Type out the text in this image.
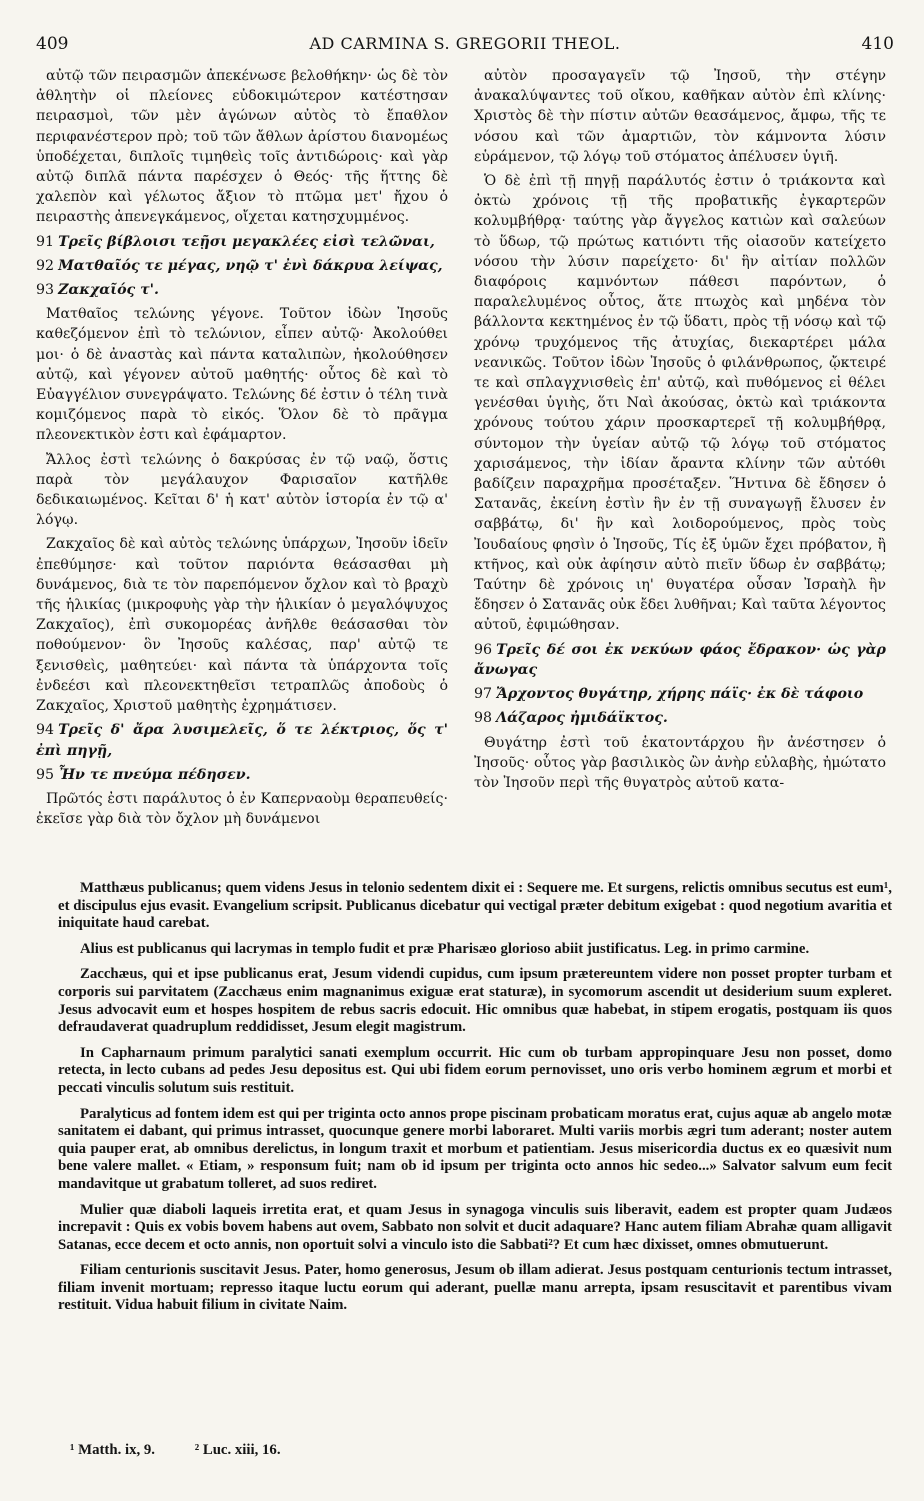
409	AD CARMINA S. GREGORII THEOL.	410

αὐτῷ τῶν πειρασμῶν ἀπεκένωσε βελοθήκην· ὡς δὲ τὸν ἀθλητὴν οἱ πλείονες εὐδοκιμώτερον κατέστησαν πειρασμοὶ, τῶν μὲν ἀγώνων αὐτὸς τὸ ἔπαθλον περιφανέστερον πρὸ; τοῦ τῶν ἄθλων ἀρίστου διανομέως ὑποδέχεται, διπλοῖς τιμηθεὶς τοῖς ἀντιδώροις· καὶ γὰρ αὐτῷ διπλᾶ πάντα παρέσχεν ὁ Θεός· τῆς ἥττης δὲ χαλεπὸν καὶ γέλωτος ἄξιον τὸ πτῶμα μετ' ἤχου ὁ πειραστὴς ἀπενεγκάμενος, οἴχεται κατησχυμμένος.

91 Τρεῖς βίβλοισι τεῇσι μεγακλέες εἰσὶ τελῶναι,

92 Ματθαῖός τε μέγας, νηῷ τ' ἐνὶ δάκρυα λείψας,

93 Ζακχαῖός τ'.

Ματθαῖος τελώνης γέγονε. Τοῦτον ἰδὼν Ἰησοῦς καθεζόμενον ἐπὶ τὸ τελώνιον, εἶπεν αὐτῷ· Ἀκολούθει μοι· ὁ δὲ ἀναστὰς καὶ πάντα καταλιπὼν, ἠκολούθησεν αὐτῷ, καὶ γέγονεν αὐτοῦ μαθητής· οὗτος δὲ καὶ τὸ Εὐαγγέλιον συνεγράψατο. Τελώνης δέ ἐστιν ὁ τέλη τινὰ κομιζόμενος παρὰ τὸ εἰκός. Ὅλον δὲ τὸ πρᾶγμα πλεονεκτικὸν ἐστι καὶ ἐφάμαρτον.

Ἄλλος ἐστὶ τελώνης ὁ δακρύσας ἐν τῷ ναῷ, ὅστις παρὰ τὸν μεγάλαυχον Φαρισαῖον κατῆλθε δεδικαιωμένος. Κεῖται δ' ἡ κατ' αὐτὸν ἱστορία ἐν τῷ α' λόγῳ.

Ζακχαῖος δὲ καὶ αὐτὸς τελώνης ὑπάρχων, Ἰησοῦν ἰδεῖν ἐπεθύμησε· καὶ τοῦτον παριόντα θεάσασθαι μὴ δυνάμενος, διὰ τε τὸν παρεπόμενον ὄχλον καὶ τὸ βραχὺ τῆς ἡλικίας (μικροφυὴς γὰρ τὴν ἡλικίαν ὁ μεγαλόψυχος Ζακχαῖος), ἐπὶ συκομορέας ἀνῆλθε θεάσασθαι τὸν ποθούμενον· ὃν Ἰησοῦς καλέσας, παρ' αὐτῷ τε ξενισθεὶς, μαθητεύει· καὶ πάντα τὰ ὑπάρχοντα τοῖς ἐνδεέσι καὶ πλεονεκτηθεῖσι τετραπλῶς ἀποδοὺς ὁ Ζακχαῖος, Χριστοῦ μαθητὴς ἐχρημάτισεν.

94 Τρεῖς δ' ἄρα λυσιμελεῖς, ὅ τε λέκτριος, ὅς τ' ἐπὶ πηγῇ,

95 Ἦν τε πνεύμα πέδησεν.

Πρῶτός ἐστι παράλυτος ὁ ἐν Καπερναοὺμ θεραπευθείς· ἐκεῖσε γὰρ διὰ τὸν ὄχλον μὴ δυνάμενοι

αὐτὸν προσαγαγεῖν τῷ Ἰησοῦ, τὴν στέγην ἀνακαλύψαντες τοῦ οἴκου, καθῆκαν αὐτὸν ἐπὶ κλίνης· Χριστὸς δὲ τὴν πίστιν αὐτῶν θεασάμενος, ἄμφω, τῆς τε νόσου καὶ τῶν ἁμαρτιῶν, τὸν κάμνοντα λύσιν εὑράμενον, τῷ λόγῳ τοῦ στόματος ἀπέλυσεν ὑγιῆ.

Ὁ δὲ ἐπὶ τῇ πηγῇ παράλυτός ἐστιν ὁ τριάκοντα καὶ ὀκτὼ χρόνοις τῇ τῆς προβατικῆς ἐγκαρτερῶν κολυμβήθρᾳ· ταύτης γὰρ ἄγγελος κατιὼν καὶ σαλεύων τὸ ὕδωρ, τῷ πρώτως κατιόντι τῆς οἱασοῦν κατείχετο νόσου τὴν λύσιν παρείχετο· δι' ἣν αἰτίαν πολλῶν διαφόροις καμνόντων πάθεσι παρόντων, ὁ παραλελυμένος οὗτος, ἅτε πτωχὸς καὶ μηδένα τὸν βάλλοντα κεκτημένος ἐν τῷ ὕδατι, πρὸς τῇ νόσῳ καὶ τῷ χρόνῳ τρυχόμενος τῆς ἀτυχίας, διεκαρτέρει μάλα νεανικῶς. Τοῦτον ἰδὼν Ἰησοῦς ὁ φιλάνθρωπος, ᾤκτειρέ τε καὶ σπλαγχνισθεὶς ἐπ' αὐτῷ, καὶ πυθόμενος εἰ θέλει γενέσθαι ὑγιὴς, ὅτι Ναὶ ἀκούσας, ὀκτὼ καὶ τριάκοντα χρόνους τούτου χάριν προσκαρτερεῖ τῇ κολυμβήθρᾳ, σύντομον τὴν ὑγείαν αὐτῷ τῷ λόγῳ τοῦ στόματος χαρισάμενος, τὴν ἰδίαν ἄραντα κλίνην τῶν αὐτόθι βαδίζειν παραχρῆμα προσέταξεν. Ἥντινα δὲ ἔδησεν ὁ Σατανᾶς, ἐκείνη ἐστὶν ἣν ἐν τῇ συναγωγῇ ἔλυσεν ἐν σαββάτῳ, δι' ἣν καὶ λοιδορούμενος, πρὸς τοὺς Ἰουδαίους φησὶν ὁ Ἰησοῦς, Τίς ἐξ ὑμῶν ἔχει πρόβατον, ἢ κτῆνος, καὶ οὐκ ἀφίησιν αὐτὸ πιεῖν ὕδωρ ἐν σαββάτῳ; Ταύτην δὲ χρόνοις ιη' θυγατέρα οὖσαν Ἰσραὴλ ἣν ἔδησεν ὁ Σατανᾶς οὐκ ἔδει λυθῆναι; Καὶ ταῦτα λέγοντος αὐτοῦ, ἐφιμώθησαν.

96 Τρεῖς δέ σοι ἐκ νεκύων φάος ἔδρακον· ὡς γὰρ ἄνωγας

97 Ἄρχοντος θυγάτηρ, χήρης πάϊς· ἐκ δὲ τάφοιο

98 Λάζαρος ἠμιδάϊκτος.

Θυγάτηρ ἐστὶ τοῦ ἑκατοντάρχου ἣν ἀνέστησεν ὁ Ἰησοῦς· οὗτος γὰρ βασιλικὸς ὢν ἀνὴρ εὐλαβὴς, ἠμώτατο τὸν Ἰησοῦν περὶ τῆς θυγατρὸς αὐτοῦ κατα-

Matthæus publicanus; quem videns Jesus in telonio sedentem dixit ei : Sequere me. Et surgens, relictis omnibus secutus est eum¹, et discipulus ejus evasit. Evangelium scripsit. Publicanus dicebatur qui vectigal præter debitum exigebat : quod negotium avaritia et iniquitate haud carebat.

Alius est publicanus qui lacrymas in templo fudit et præ Pharisæo glorioso abiit justificatus. Leg. in primo carmine.

Zacchæus, qui et ipse publicanus erat, Jesum videndi cupidus, cum ipsum prætereuntem videre non posset propter turbam et corporis sui parvitatem (Zacchæus enim magnanimus exiguæ erat staturæ), in sycomorum ascendit ut desiderium suum expleret. Jesus advocavit eum et hospes hospitem de rebus sacris edocuit. Hic omnibus quæ habebat, in stipem erogatis, postquam iis quos defraudaverat quadruplum reddidisset, Jesum elegit magistrum.

In Capharnaum primum paralytici sanati exemplum occurrit. Hic cum ob turbam appropinquare Jesu non posset, domo retecta, in lecto cubans ad pedes Jesu depositus est. Qui ubi fidem eorum pernovisset, uno oris verbo hominem ægrum et morbi et peccati vinculis solutum suis restituit.

Paralyticus ad fontem idem est qui per triginta octo annos prope piscinam probaticam moratus erat, cujus aquæ ab angelo motæ sanitatem ei dabant, qui primus intrasset, quocunque genere morbi laboraret. Multi variis morbis ægri tum aderant; noster autem quia pauper erat, ab omnibus derelictus, in longum traxit et morbum et patientiam. Jesus misericordia ductus ex eo quæsivit num bene valere mallet. « Etiam, » responsum fuit; nam ob id ipsum per triginta octo annos hic sedeo...» Salvator salvum eum fecit mandavitque ut grabatum tolleret, ad suos rediret.

Mulier quæ diaboli laqueis irretita erat, et quam Jesus in synagoga vinculis suis liberavit, eadem est propter quam Judæos increpavit : Quis ex vobis bovem habens aut ovem, Sabbato non solvit et ducit adaquare? Hanc autem filiam Abrahæ quam alligavit Satanas, ecce decem et octo annis, non oportuit solvi a vinculo isto die Sabbati²? Et cum hæc dixisset, omnes obmutuerunt.

Filiam centurionis suscitavit Jesus. Pater, homo generosus, Jesum ob illam adierat. Jesus postquam centurionis tectum intrasset, filiam invenit mortuam; represso itaque luctu eorum qui aderant, puellæ manu arrepta, ipsam resuscitavit et parentibus vivam restituit. Vidua habuit filium in civitate Naim.

¹ Matth. ix, 9.	² Luc. xiii, 16.
